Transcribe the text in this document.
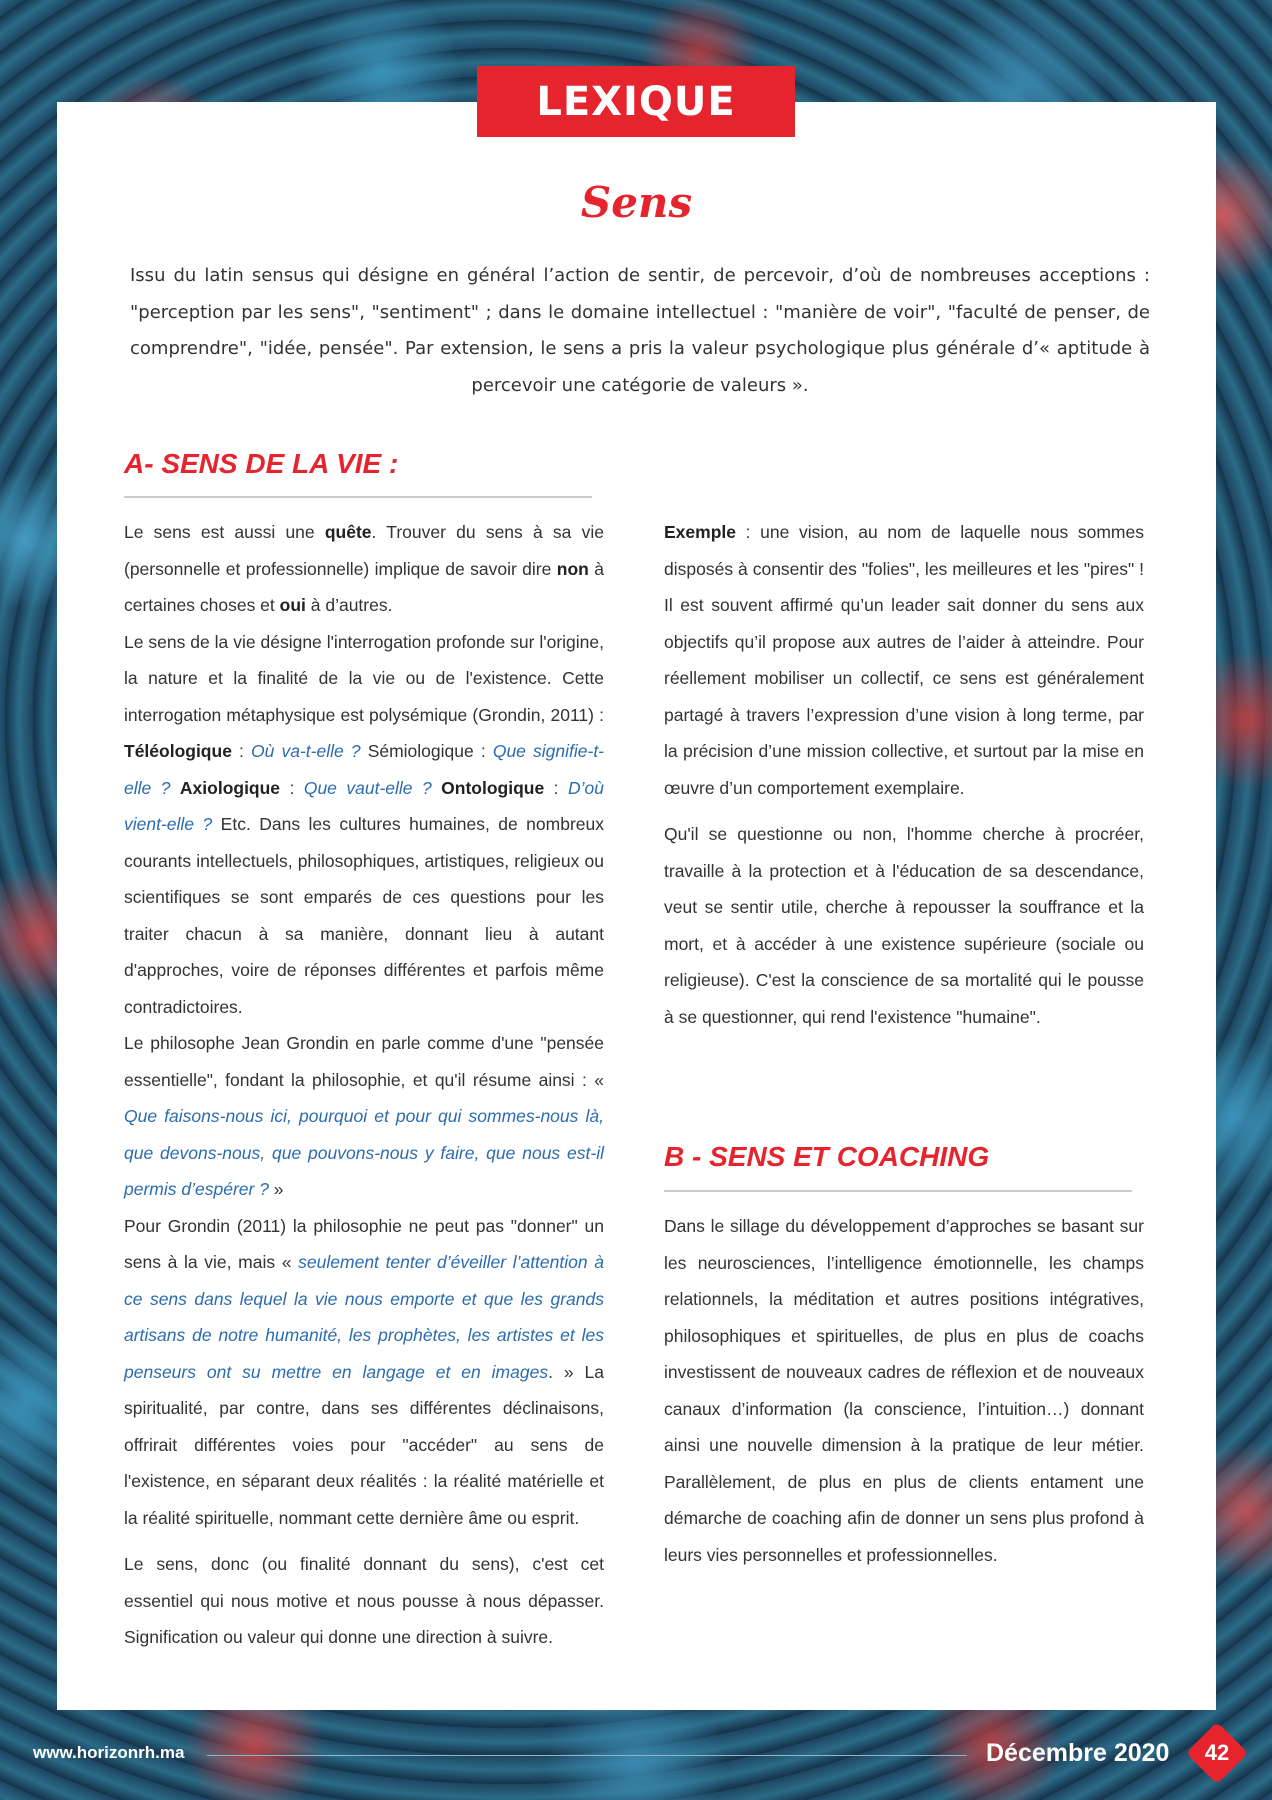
LEXIQUE
Sens

Issu du latin sensus qui désigne en général l’action de sentir, de percevoir, d’où de nombreuses acceptions : "perception par les sens", "sentiment" ; dans le domaine intellectuel : "manière de voir", "faculté de penser, de comprendre", "idée, pensée". Par extension, le sens a pris la valeur psychologique plus générale d’« aptitude à percevoir une catégorie de valeurs ».

A- SENS DE LA VIE :

Le sens est aussi une quête. Trouver du sens à sa vie (personnelle et professionnelle) implique de savoir dire non à certaines choses et oui à d’autres.

Le sens de la vie désigne l'interrogation profonde sur l'origine, la nature et la finalité de la vie ou de l'existence. Cette interrogation métaphysique est polysémique (Grondin, 2011) : Téléologique : Où va-t-elle ? Sémiologique : Que signifie-t-elle ? Axiologique : Que vaut-elle ? Ontologique : D’où vient-elle ? Etc. Dans les cultures humaines, de nombreux courants intellectuels, philosophiques, artistiques, religieux ou scientifiques se sont emparés de ces questions pour les traiter chacun à sa manière, donnant lieu à autant d'approches, voire de réponses différentes et parfois même contradictoires.

Le philosophe Jean Grondin en parle comme d'une "pensée essentielle", fondant la philosophie, et qu'il résume ainsi : « Que faisons-nous ici, pourquoi et pour qui sommes-nous là, que devons-nous, que pouvons-nous y faire, que nous est-il permis d’espérer ? »

Pour Grondin (2011) la philosophie ne peut pas "donner" un sens à la vie, mais « seulement tenter d’éveiller l’attention à ce sens dans lequel la vie nous emporte et que les grands artisans de notre humanité, les prophètes, les artistes et les penseurs ont su mettre en langage et en images. » La spiritualité, par contre, dans ses différentes déclinaisons, offrirait différentes voies pour "accéder" au sens de l'existence, en séparant deux réalités : la réalité matérielle et la réalité spirituelle, nommant cette dernière âme ou esprit.

Le sens, donc (ou finalité donnant du sens), c'est cet essentiel qui nous motive et nous pousse à nous dépasser. Signification ou valeur qui donne une direction à suivre.

Exemple : une vision, au nom de laquelle nous sommes disposés à consentir des "folies", les meilleures et les "pires" ! Il est souvent affirmé qu’un leader sait donner du sens aux objectifs qu’il propose aux autres de l’aider à atteindre. Pour réellement mobiliser un collectif, ce sens est généralement partagé à travers l’expression d’une vision à long terme, par la précision d’une mission collective, et surtout par la mise en œuvre d’un comportement exemplaire.

Qu'il se questionne ou non, l'homme cherche à procréer, travaille à la protection et à l'éducation de sa descendance, veut se sentir utile, cherche à repousser la souffrance et la mort, et à accéder à une existence supérieure (sociale ou religieuse). C'est la conscience de sa mortalité qui le pousse à se questionner, qui rend l'existence "humaine".

B - SENS ET COACHING

Dans le sillage du développement d’approches se basant sur les neurosciences, l’intelligence émotionnelle, les champs relationnels, la méditation et autres positions intégratives, philosophiques et spirituelles, de plus en plus de coachs investissent de nouveaux cadres de réflexion et de nouveaux canaux d’information (la conscience, l’intuition…) donnant ainsi une nouvelle dimension à la pratique de leur métier. Parallèlement, de plus en plus de clients entament une démarche de coaching afin de donner un sens plus profond à leurs vies personnelles et professionnelles.

www.horizonrh.ma	Décembre 2020	42
